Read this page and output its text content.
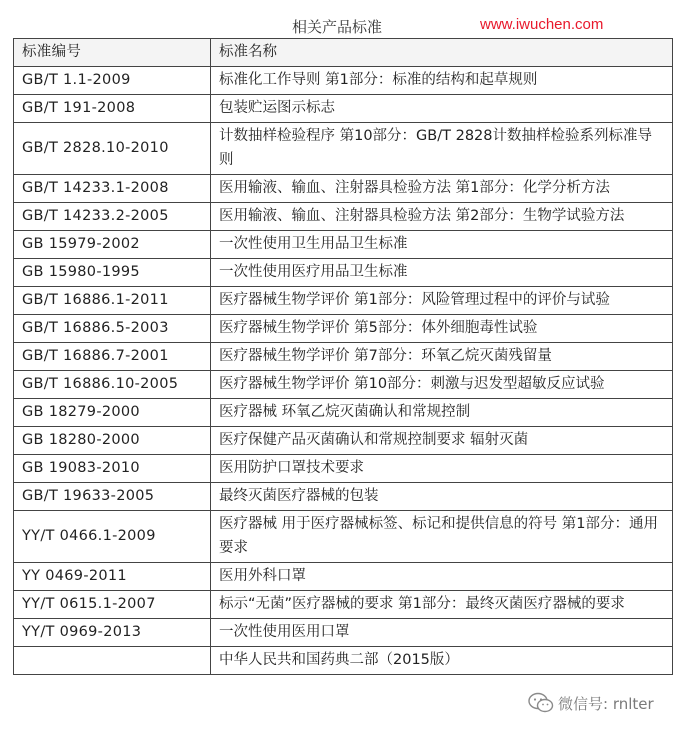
相关产品标准	www.iwuchen.com
标准编号	标准名称
GB/T 1.1-2009	标准化工作导则 第1部分：标准的结构和起草规则
GB/T 191-2008	包装贮运图示标志
GB/T 2828.10-2010	计数抽样检验程序 第10部分：GB/T 2828计数抽样检验系列标准导则
GB/T 14233.1-2008	医用输液、输血、注射器具检验方法 第1部分：化学分析方法
GB/T 14233.2-2005	医用输液、输血、注射器具检验方法 第2部分：生物学试验方法
GB 15979-2002	一次性使用卫生用品卫生标准
GB 15980-1995	一次性使用医疗用品卫生标准
GB/T 16886.1-2011	医疗器械生物学评价 第1部分：风险管理过程中的评价与试验
GB/T 16886.5-2003	医疗器械生物学评价 第5部分：体外细胞毒性试验
GB/T 16886.7-2001	医疗器械生物学评价 第7部分：环氧乙烷灭菌残留量
GB/T 16886.10-2005	医疗器械生物学评价 第10部分：刺激与迟发型超敏反应试验
GB 18279-2000	医疗器械 环氧乙烷灭菌确认和常规控制
GB 18280-2000	医疗保健产品灭菌确认和常规控制要求 辐射灭菌
GB 19083-2010	医用防护口罩技术要求
GB/T 19633-2005	最终灭菌医疗器械的包装
YY/T 0466.1-2009	医疗器械 用于医疗器械标签、标记和提供信息的符号 第1部分：通用要求
YY 0469-2011	医用外科口罩
YY/T 0615.1-2007	标示“无菌”医疗器械的要求 第1部分：最终灭菌医疗器械的要求
YY/T 0969-2013	一次性使用医用口罩
	中华人民共和国药典二部（2015版）
微信号: rnlter
